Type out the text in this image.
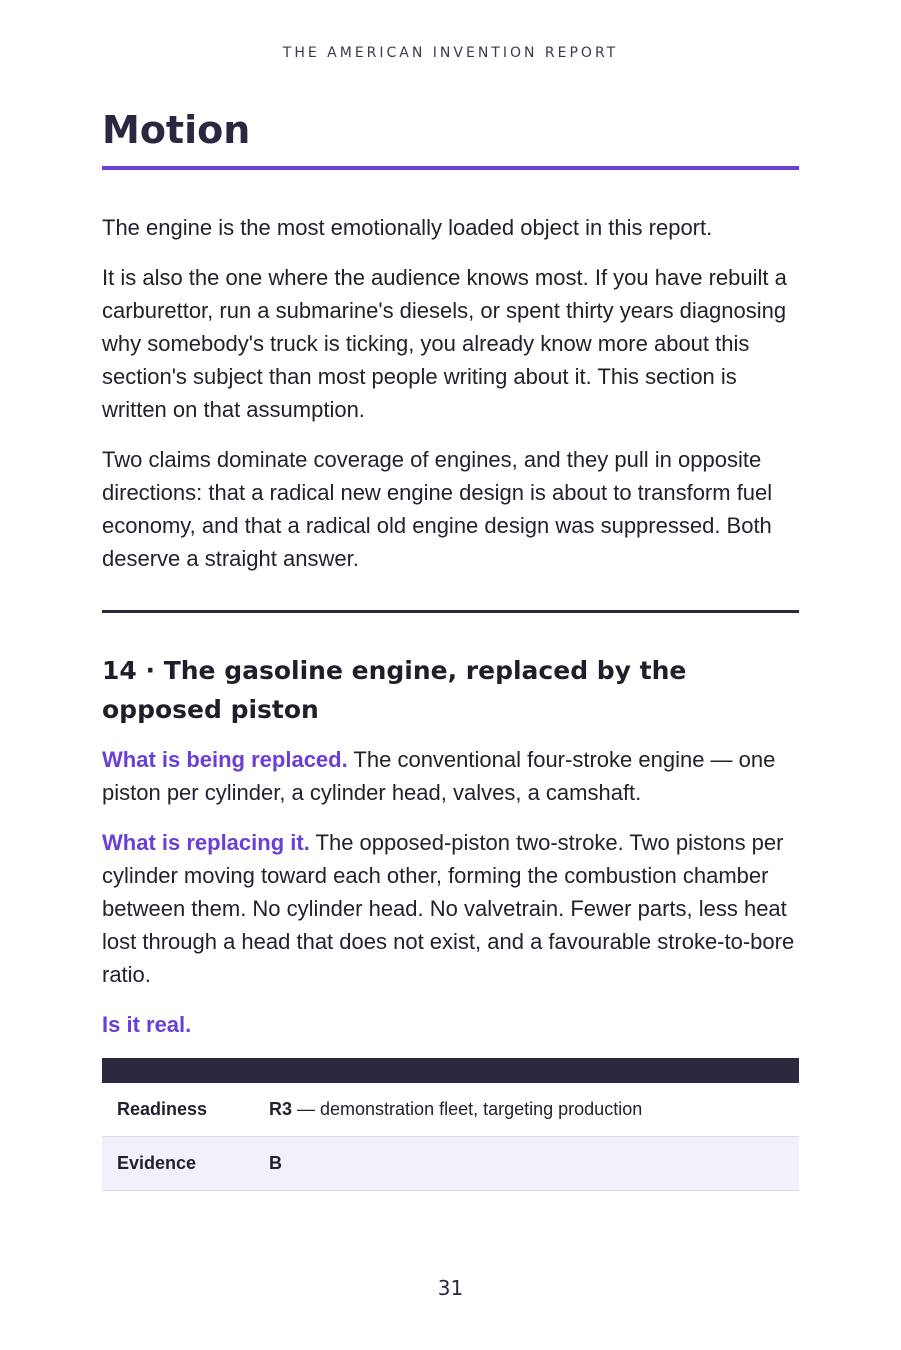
THE AMERICAN INVENTION REPORT
Motion

The engine is the most emotionally loaded object in this report.

It is also the one where the audience knows most. If you have rebuilt a carburettor, run a submarine's diesels, or spent thirty years diagnosing why somebody's truck is ticking, you already know more about this section's subject than most people writing about it. This section is written on that assumption.

Two claims dominate coverage of engines, and they pull in opposite directions: that a radical new engine design is about to transform fuel economy, and that a radical old engine design was suppressed. Both deserve a straight answer.

14 · The gasoline engine, replaced by the opposed piston

What is being replaced. The conventional four-stroke engine — one piston per cylinder, a cylinder head, valves, a camshaft.

What is replacing it. The opposed-piston two-stroke. Two pistons per cylinder moving toward each other, forming the combustion chamber between them. No cylinder head. No valvetrain. Fewer parts, less heat lost through a head that does not exist, and a favourable stroke-to-bore ratio.

Is it real.

Readiness	R3 — demonstration fleet, targeting production
Evidence	B
31
